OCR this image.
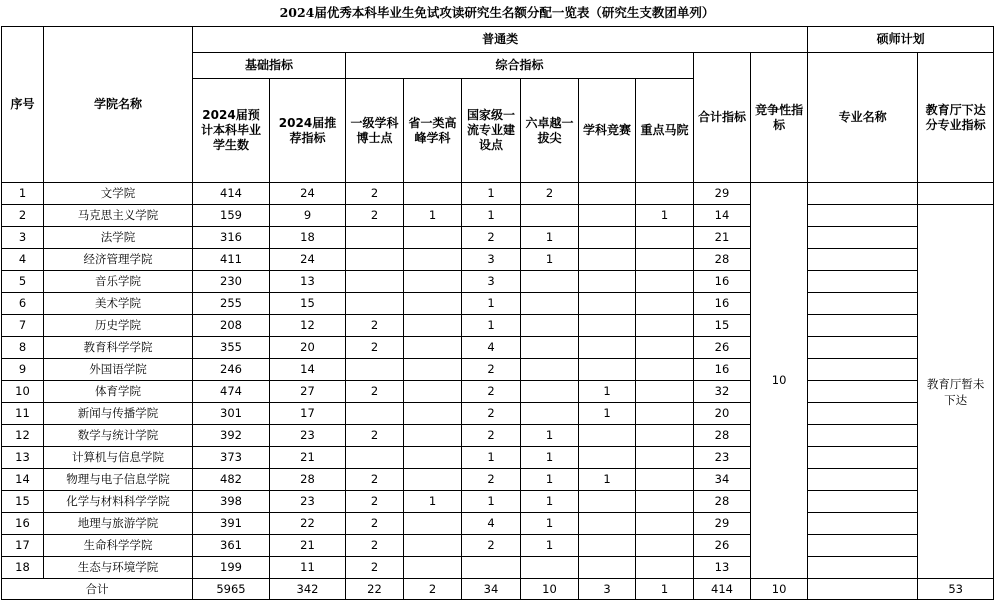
2024届优秀本科毕业生免试攻读研究生名额分配一览表（研究生支教团单列）
序号	学院名称	普通类										硕师计划	
		基础指标		综合指标						合计指标	竞争性指标	专业名称	教育厅下达分专业指标
		2024届预计本科毕业学生数	2024届推荐指标	一级学科博士点	省一类高峰学科	国家级一流专业建设点	六卓越一拔尖	学科竞赛	重点马院				
1	文学院	414	24	2		1	2			29	10		
2	马克思主义学院	159	9	2	1	1			1	14			教育厅暂未下达
3	法学院	316	18			2	1			21			
4	经济管理学院	411	24			3	1			28			
5	音乐学院	230	13			3				16			
6	美术学院	255	15			1				16			
7	历史学院	208	12	2		1				15			
8	教育科学学院	355	20	2		4				26			
9	外国语学院	246	14			2				16			
10	体育学院	474	27	2		2		1		32			
11	新闻与传播学院	301	17			2		1		20			
12	数学与统计学院	392	23	2		2	1			28			
13	计算机与信息学院	373	21			1	1			23			
14	物理与电子信息学院	482	28	2		2	1	1		34			
15	化学与材料科学学院	398	23	2	1	1	1			28			
16	地理与旅游学院	391	22	2		4	1			29			
17	生命科学学院	361	21	2		2	1			26			
18	生态与环境学院	199	11	2						13			
合计		5965	342	22	2	34	10	3	1	414	10		53
